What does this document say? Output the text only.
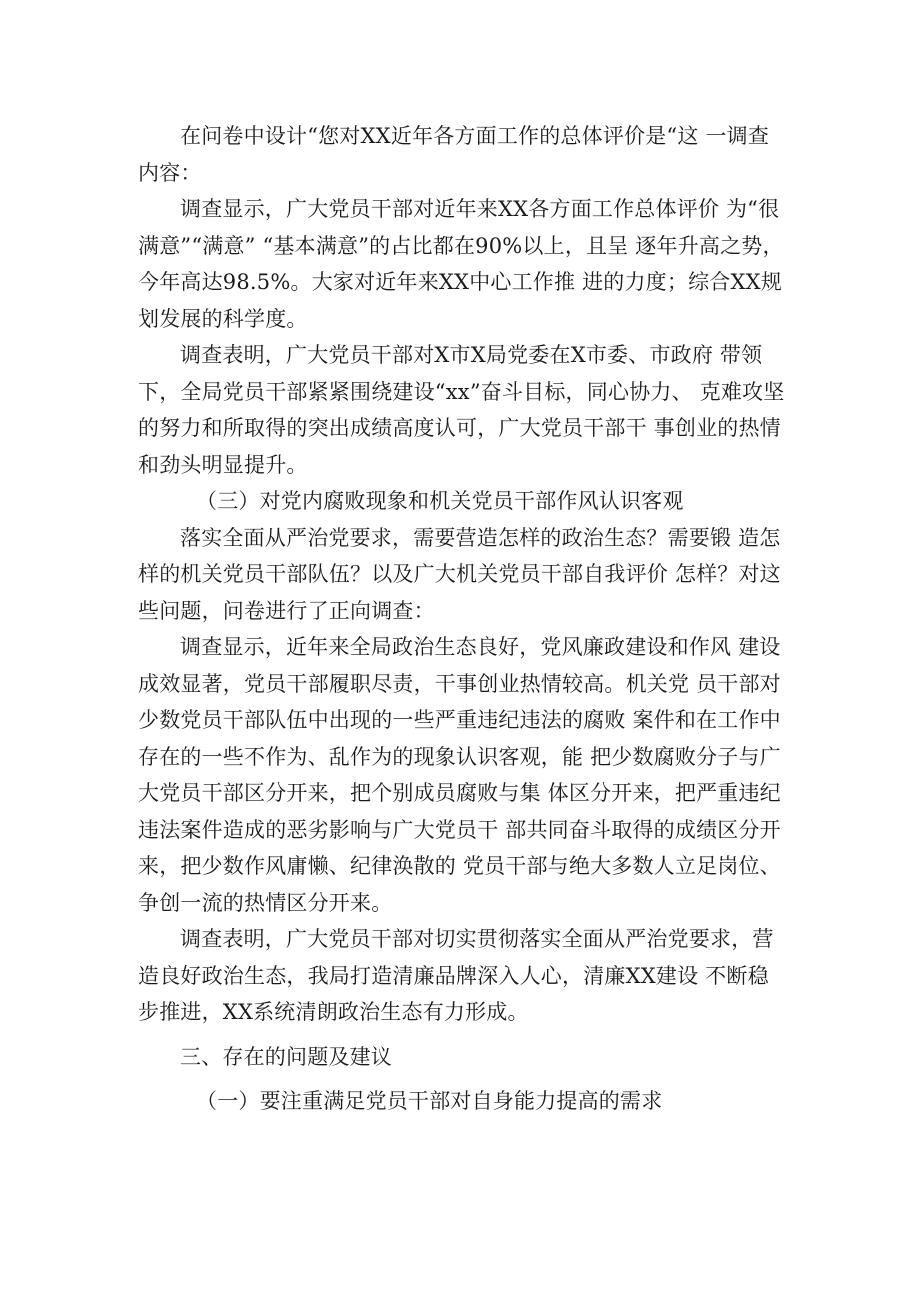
在问卷中设计“您对XX近年各方面工作的总体评价是“这 一调查内容：

调查显示，广大党员干部对近年来XX各方面工作总体评价 为“很满意”“满意” “基本满意”的占比都在90%以上，且呈 逐年升高之势，今年高达98.5%。大家对近年来XX中心工作推 进的力度；综合XX规划发展的科学度。

调查表明，广大党员干部对X市X局党委在X市委、市政府 带领下，全局党员干部紧紧围绕建设“xx”奋斗目标，同心协力、 克难攻坚的努力和所取得的突出成绩高度认可，广大党员干部干 事创业的热情和劲头明显提升。

（三）对党内腐败现象和机关党员干部作风认识客观

落实全面从严治党要求，需要营造怎样的政治生态？需要锻 造怎样的机关党员干部队伍？以及广大机关党员干部自我评价 怎样？对这些问题，问卷进行了正向调查：

调查显示，近年来全局政治生态良好，党风廉政建设和作风 建设成效显著，党员干部履职尽责，干事创业热情较高。机关党 员干部对少数党员干部队伍中出现的一些严重违纪违法的腐败 案件和在工作中存在的一些不作为、乱作为的现象认识客观，能 把少数腐败分子与广大党员干部区分开来，把个别成员腐败与集 体区分开来，把严重违纪违法案件造成的恶劣影响与广大党员干 部共同奋斗取得的成绩区分开来，把少数作风庸懒、纪律涣散的 党员干部与绝大多数人立足岗位、争创一流的热情区分开来。

调查表明，广大党员干部对切实贯彻落实全面从严治党要求，营造良好政治生态，我局打造清廉品牌深入人心，清廉XX建设 不断稳步推进，XX系统清朗政治生态有力形成。

三、存在的问题及建议

（一）要注重满足党员干部对自身能力提高的需求
